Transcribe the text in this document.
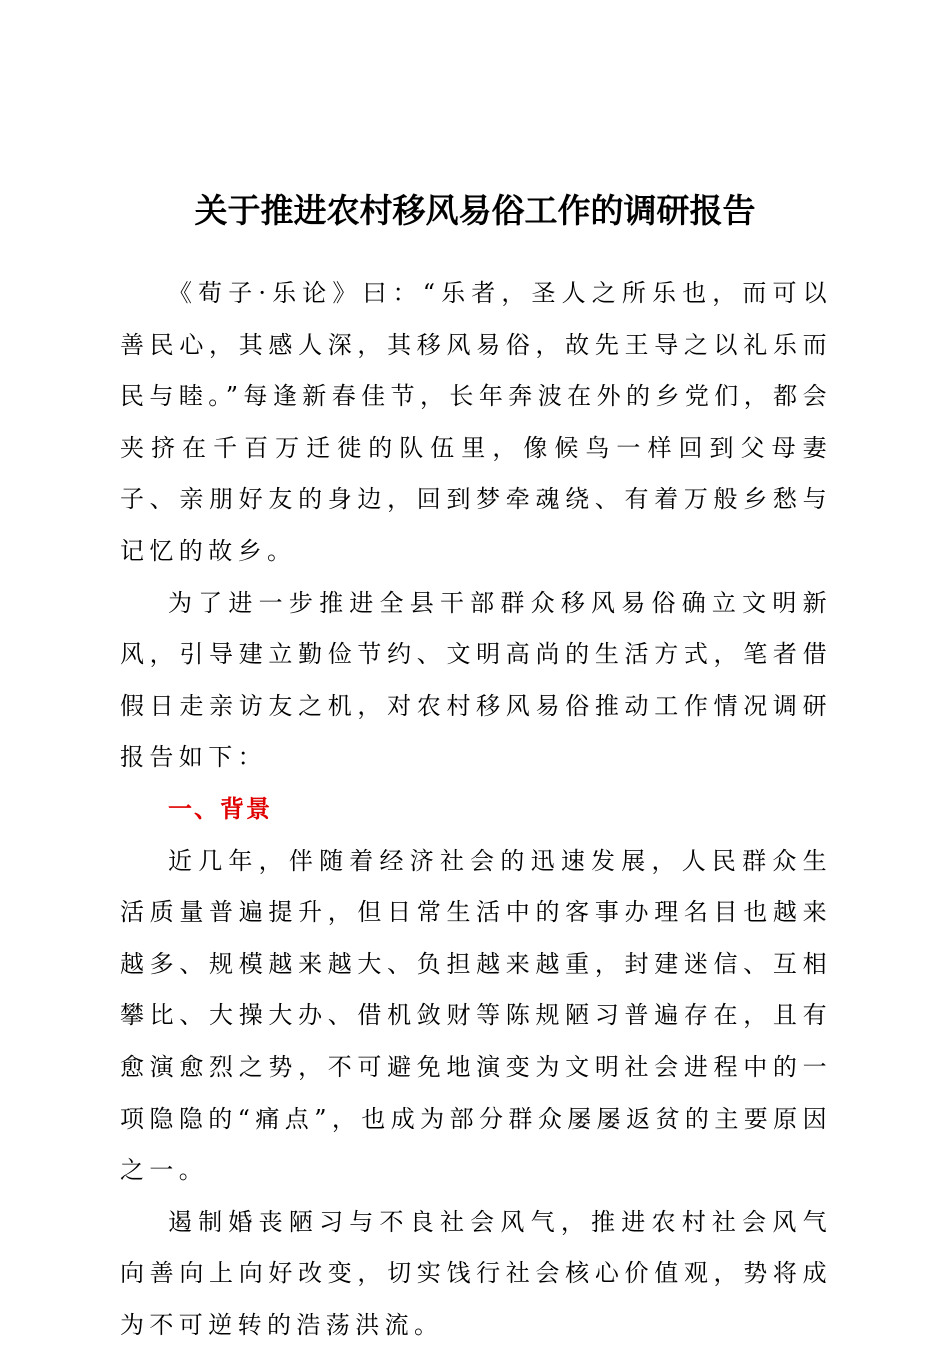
关于推进农村移风易俗工作的调研报告

《荀子·乐论》曰：“乐者，圣人之所乐也，而可以善民心，其感人深，其移风易俗，故先王导之以礼乐而民与睦。”每逢新春佳节，长年奔波在外的乡党们，都会夹挤在千百万迁徙的队伍里，像候鸟一样回到父母妻子、亲朋好友的身边，回到梦牵魂绕、有着万般乡愁与记忆的故乡。

为了进一步推进全县干部群众移风易俗确立文明新风，引导建立勤俭节约、文明高尚的生活方式，笔者借假日走亲访友之机，对农村移风易俗推动工作情况调研报告如下：

一、背景

近几年，伴随着经济社会的迅速发展，人民群众生活质量普遍提升，但日常生活中的客事办理名目也越来越多、规模越来越大、负担越来越重，封建迷信、互相攀比、大操大办、借机敛财等陈规陋习普遍存在，且有愈演愈烈之势，不可避免地演变为文明社会进程中的一项隐隐的“痛点”，也成为部分群众屡屡返贫的主要原因之一。

遏制婚丧陋习与不良社会风气，推进农村社会风气向善向上向好改变，切实饯行社会核心价值观，势将成为不可逆转的浩荡洪流。
